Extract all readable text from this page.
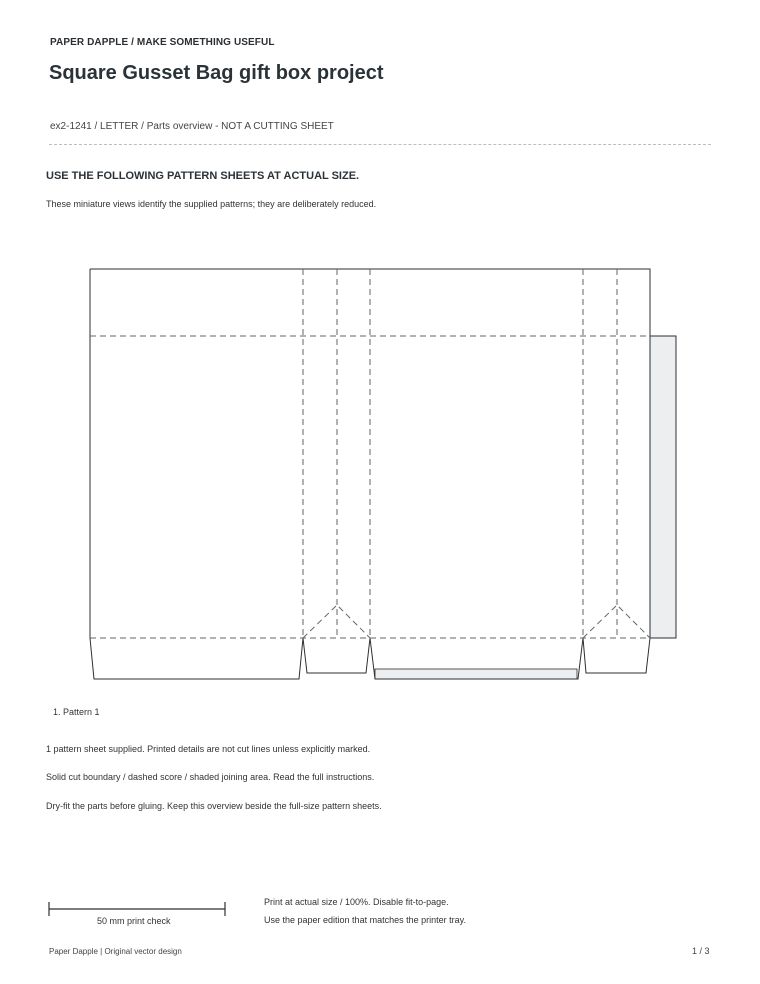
PAPER DAPPLE / MAKE SOMETHING USEFUL
Square Gusset Bag gift box project
ex2-1241 / LETTER / Parts overview - NOT A CUTTING SHEET
USE THE FOLLOWING PATTERN SHEETS AT ACTUAL SIZE.
These miniature views identify the supplied patterns; they are deliberately reduced.
1. Pattern 1
1 pattern sheet supplied. Printed details are not cut lines unless explicitly marked.
Solid cut boundary / dashed score / shaded joining area. Read the full instructions.
Dry-fit the parts before gluing. Keep this overview beside the full-size pattern sheets.
50 mm print check
Print at actual size / 100%. Disable fit-to-page.
Use the paper edition that matches the printer tray.
Paper Dapple | Original vector design	1 / 3
